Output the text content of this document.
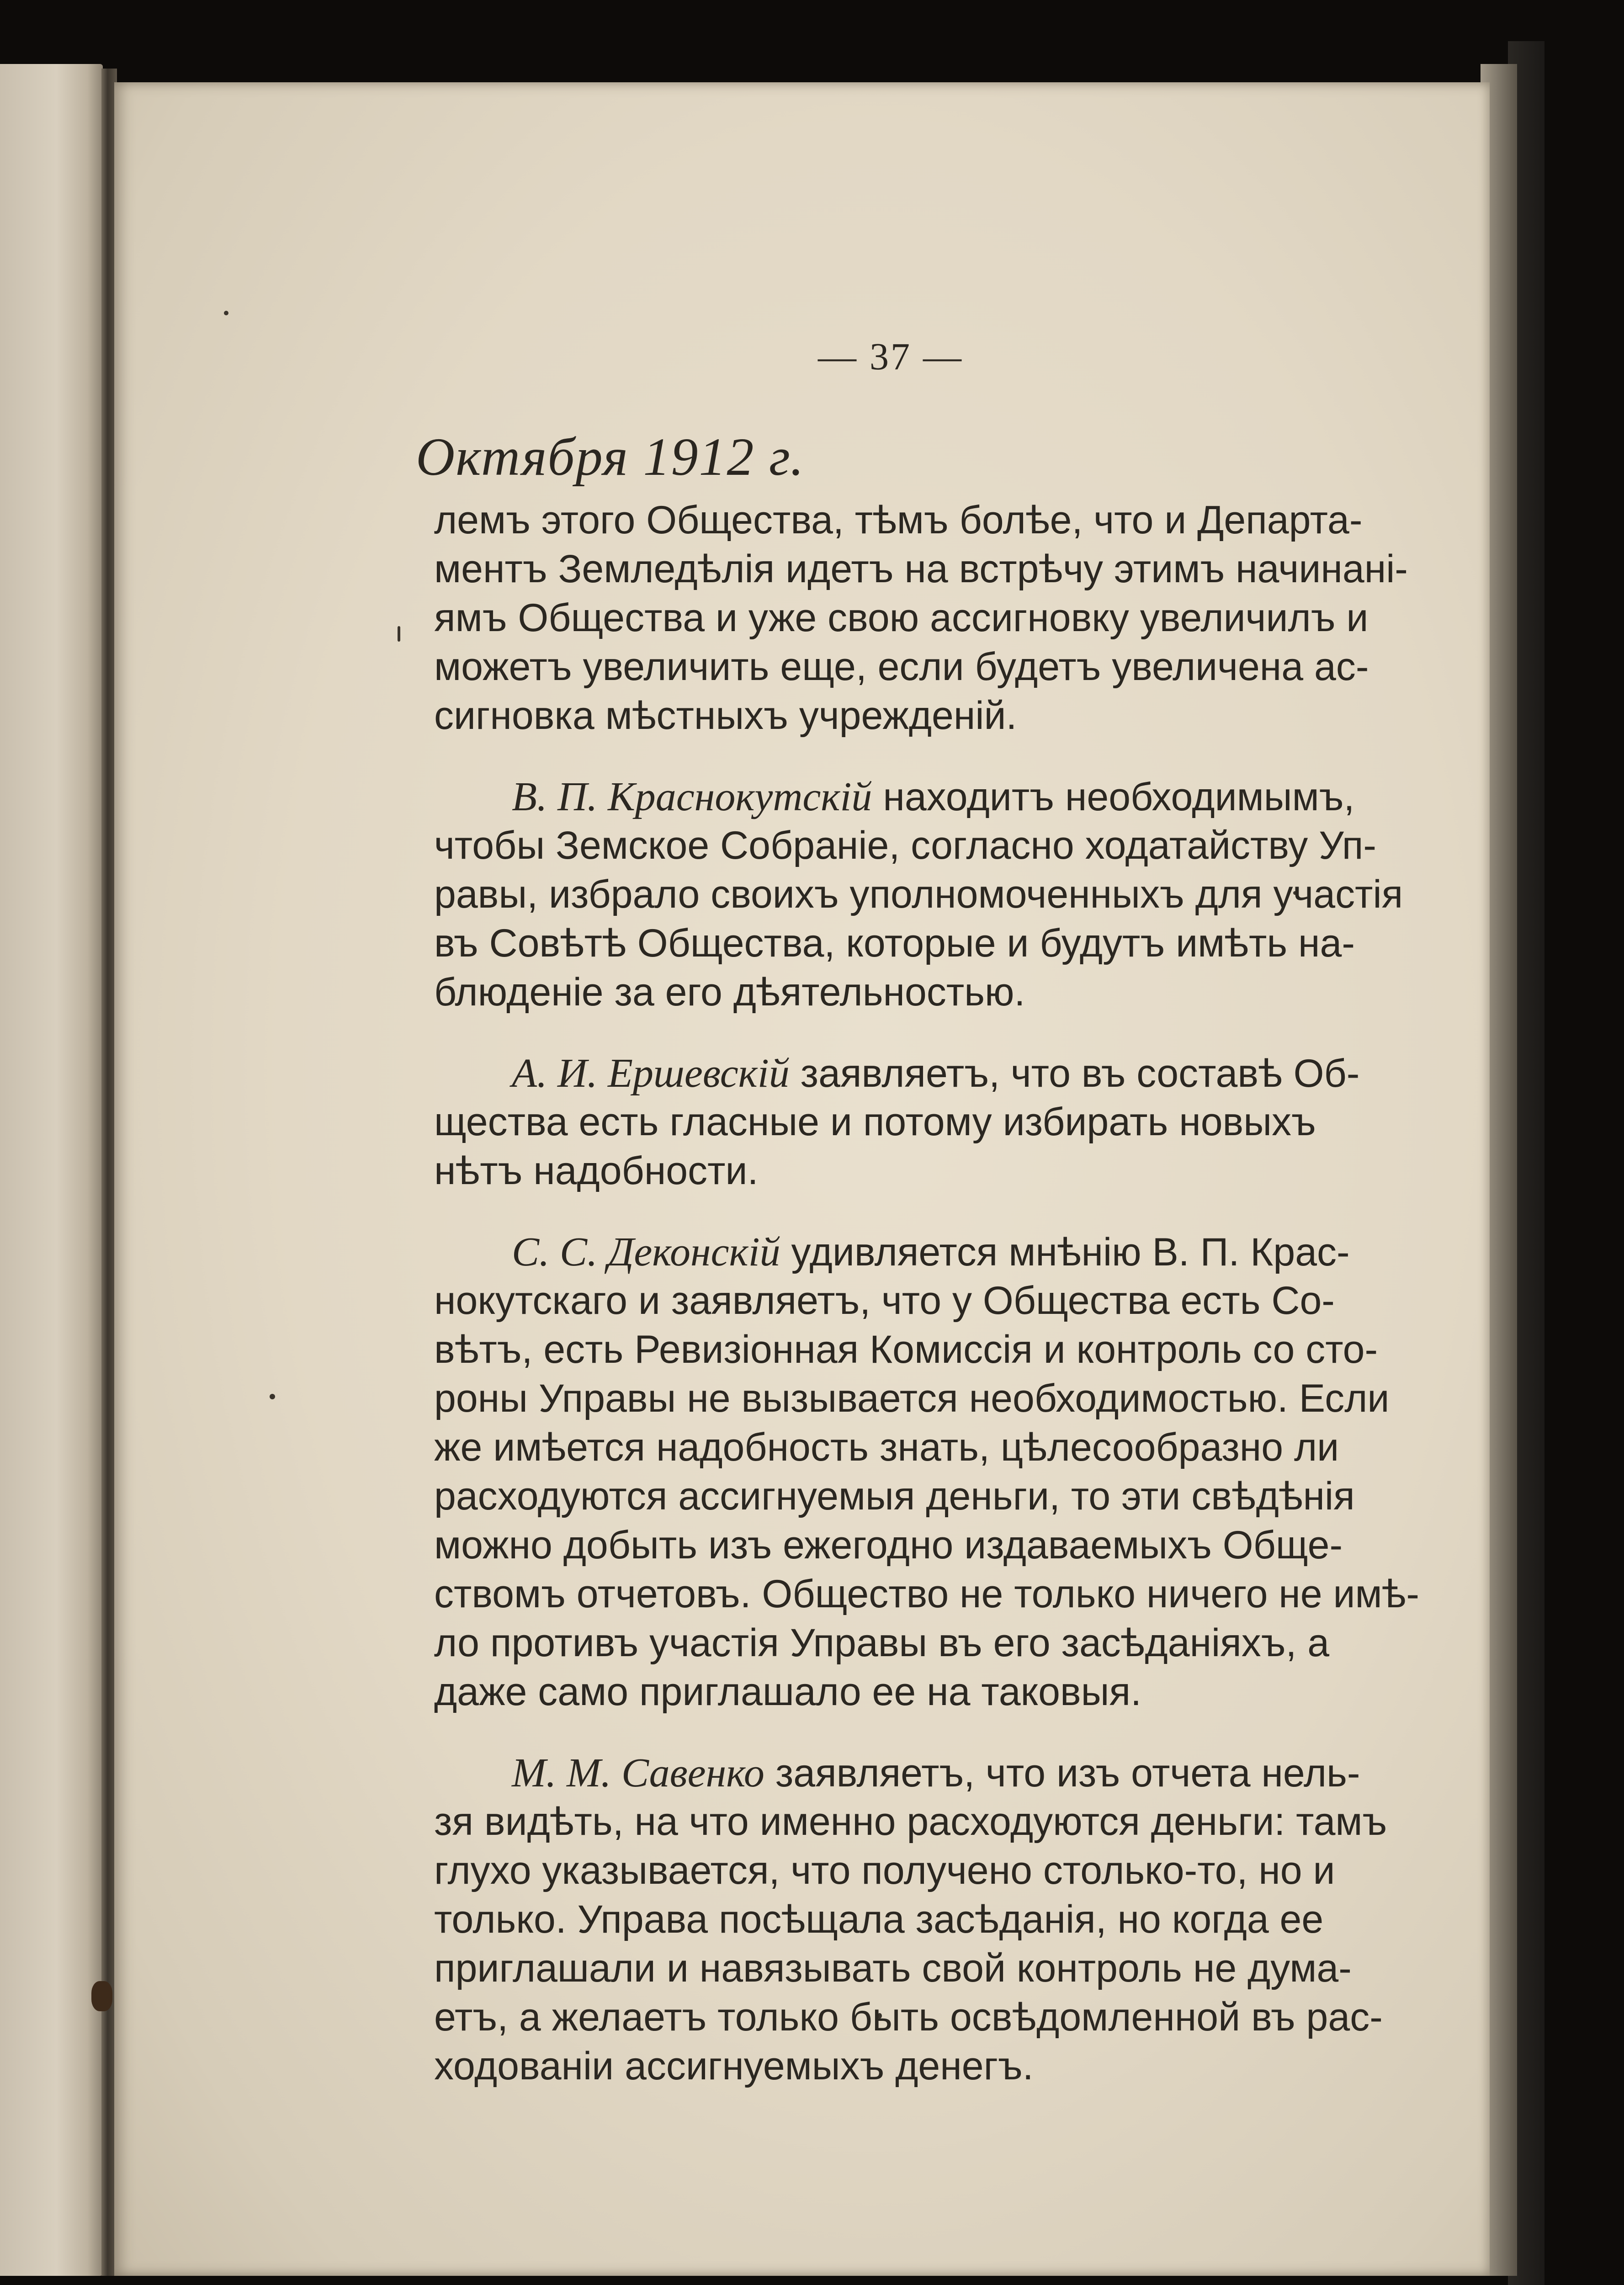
— 37 —
Октября 1912 г.
лемъ этого Общества, тѣмъ болѣе, что и Департа-
ментъ Земледѣлія идетъ на встрѣчу этимъ начинані-
ямъ Общества и уже свою ассигновку увеличилъ и
можетъ увеличить еще, если будетъ увеличена ас-
сигновка мѣстныхъ учрежденій.
В. П. Краснокутскій находитъ необходимымъ,
чтобы Земское Собраніе, согласно ходатайству Уп-
равы, избрало своихъ уполномоченныхъ для участія
въ Совѣтѣ Общества, которые и будутъ имѣть на-
блюденіе за его дѣятельностью.
А. И. Ершевскій заявляетъ, что въ составѣ Об-
щества есть гласные и потому избирать новыхъ
нѣтъ надобности.
С. С. Деконскій удивляется мнѣнію В. П. Крас-
нокутскаго и заявляетъ, что у Общества есть Со-
вѣтъ, есть Ревизіонная Комиссія и контроль со сто-
роны Управы не вызывается необходимостью. Если
же имѣется надобность знать, цѣлесообразно ли
расходуются ассигнуемыя деньги, то эти свѣдѣнія
можно добыть изъ ежегодно издаваемыхъ Обще-
ствомъ отчетовъ. Общество не только ничего не имѣ-
ло противъ участія Управы въ его засѣданіяхъ, а
даже само приглашало ее на таковыя.
М. М. Савенко заявляетъ, что изъ отчета нель-
зя видѣть, на что именно расходуются деньги: тамъ
глухо указывается, что получено столько-то, но и
только. Управа посѣщала засѣданія, но когда ее
приглашали и навязывать свой контроль не дума-
етъ, а желаетъ только быть освѣдомленной въ рас-
ходованіи ассигнуемыхъ денегъ.
